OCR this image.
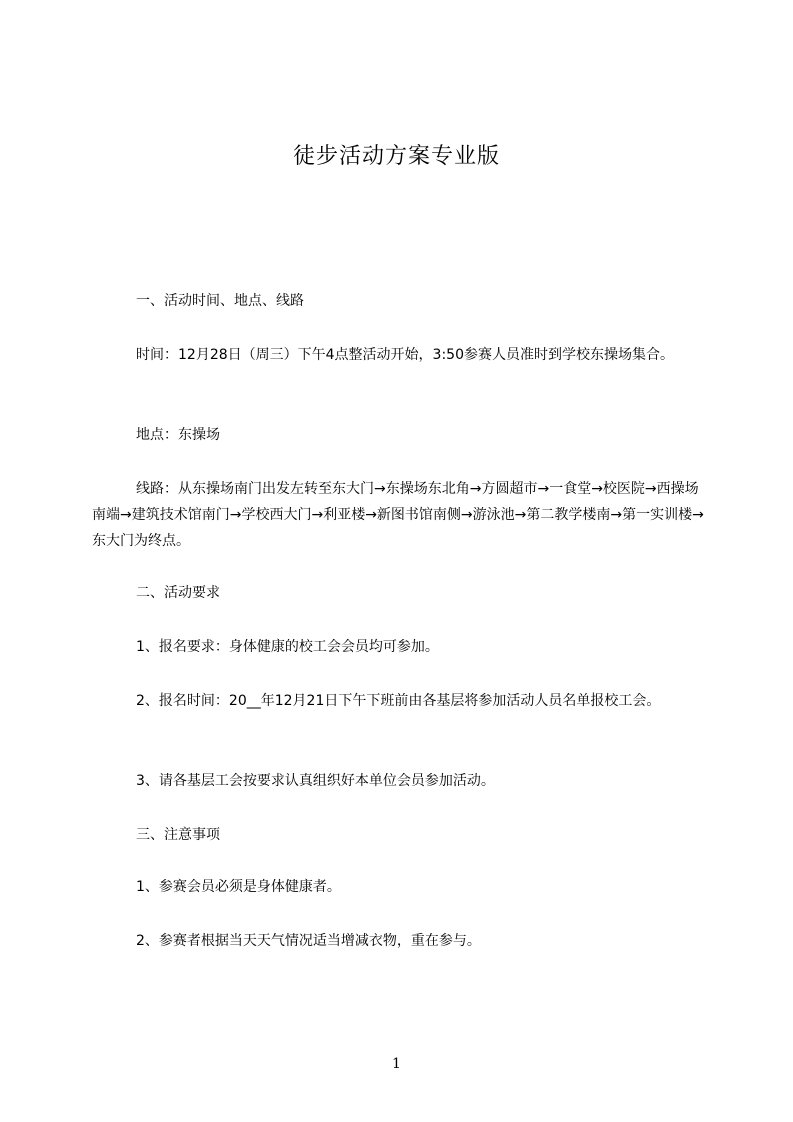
徒步活动方案专业版

一、活动时间、地点、线路

时间：12月28日（周三）下午4点整活动开始，3:50参赛人员准时到学校东操场集合。

地点：东操场

线路：从东操场南门出发左转至东大门→东操场东北角→方圆超市→一食堂→校医院→西操场南端→建筑技术馆南门→学校西大门→利亚楼→新图书馆南侧→游泳池→第二教学楼南→第一实训楼→东大门为终点。

二、活动要求

1、报名要求：身体健康的校工会会员均可参加。

2、报名时间：20__年12月21日下午下班前由各基层将参加活动人员名单报校工会。

3、请各基层工会按要求认真组织好本单位会员参加活动。

三、注意事项

1、参赛会员必须是身体健康者。

2、参赛者根据当天天气情况适当增减衣物，重在参与。

1
